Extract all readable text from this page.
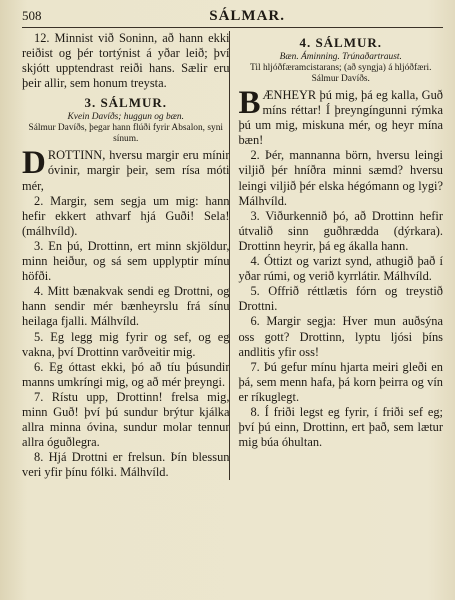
508	SÁLMAR.

12. Minnist við Soninn, að hann ekki reiðist og þér tortýnist á yðar leið; því skjótt upptendrast reiði hans. Sælir eru þeir allir, sem honum treysta.

3. SÁLMUR.
Kvein Davíðs; huggun og bæn.
Sálmur Davíðs, þegar hann flúði fyrir Absalon, syni sínum.

DROTTINN, hversu margir eru mínir óvinir, margir þeir, sem rísa móti mér,

2. Margir, sem segja um mig: hann hefir ekkert athvarf hjá Guði! Sela! (málhvíld).

3. En þú, Drottinn, ert minn skjöldur, minn heiður, og sá sem upplyptir mínu höfði.

4. Mitt bænakvak sendi eg Drottni, og hann sendir mér bænheyrslu frá sínu heilaga fjalli. Málhvíld.

5. Eg legg mig fyrir og sef, og eg vakna, því Drottinn varðveitir mig.

6. Eg óttast ekki, þó að tíu þúsundir manns umkríngi mig, og að mér þreyngi.

7. Rístu upp, Drottinn! frelsa mig, minn Guð! því þú sundur brýtur kjálka allra minna óvina, sundur molar tennur allra óguðlegra.

8. Hjá Drottni er frelsun. Þín blessun veri yfir þínu fólki. Málhvíld.

4. SÁLMUR.
Bæn. Áminning. Trúnaðartraust.
Til hljóðfæramcistarans; (að syngja) á hljóðfæri. Sálmur Davíðs.

BÆNHEYR þú mig, þá eg kalla, Guð míns réttar! Í þreyngíngunni rýmka þú um mig, miskuna mér, og heyr mína bæn!

2. Þér, mannanna börn, hversu leingi viljið þér hníðra minni sæmd? hversu leingi viljið þér elska hégómann og lygi? Málhvíld.

3. Viðurkennið þó, að Drottinn hefir útvalið sinn guðhrædda (dýrkara). Drottinn heyrir, þá eg ákalla hann.

4. Óttizt og varizt synd, athugið það í yðar rúmi, og verið kyrrlátir. Málhvíld.

5. Offrið réttlætis fórn og treystið Drottni.

6. Margir segja: Hver mun auðsýna oss gott? Drottinn, lyptu ljósi þíns andlitis yfir oss!

7. Þú gefur mínu hjarta meiri gleði en þá, sem menn hafa, þá korn þeirra og vín er ríkuglegt.

8. Í friði legst eg fyrir, í friði sef eg; því þú einn, Drottinn, ert það, sem lætur mig búa óhultan.
